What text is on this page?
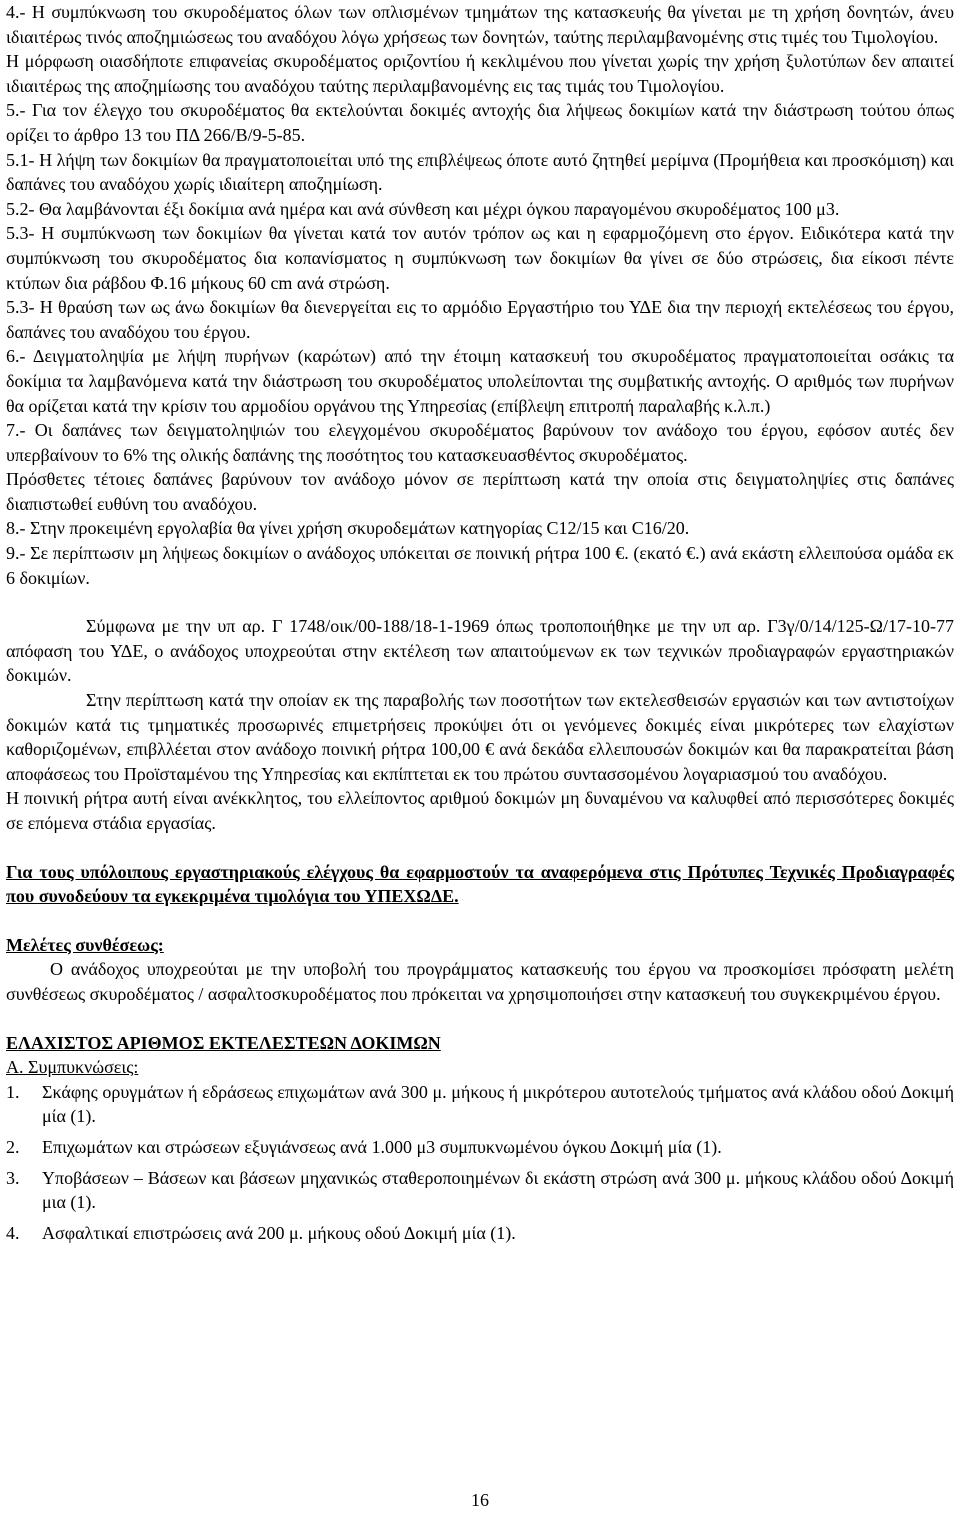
4.- Η συμπύκνωση του σκυροδέματος όλων των οπλισμένων τμημάτων της κατασκευής θα γίνεται με τη χρήση δονητών, άνευ ιδιαιτέρως τινός αποζημιώσεως του αναδόχου λόγω χρήσεως των δονητών, ταύτης περιλαμβανομένης στις τιμές του Τιμολογίου.

Η μόρφωση οιασδήποτε επιφανείας σκυροδέματος οριζοντίου ή κεκλιμένου που γίνεται χωρίς την χρήση ξυλοτύπων δεν απαιτεί ιδιαιτέρως της αποζημίωσης του αναδόχου ταύτης περιλαμβανομένης εις τας τιμάς του Τιμολογίου.

5.- Για τον έλεγχο του σκυροδέματος θα εκτελούνται δοκιμές αντοχής δια λήψεως δοκιμίων κατά την διάστρωση τούτου όπως ορίζει το άρθρο 13 του ΠΔ 266/Β/9-5-85.

5.1- Η λήψη των δοκιμίων θα πραγματοποιείται υπό της επιβλέψεως όποτε αυτό ζητηθεί μερίμνα (Προμήθεια και προσκόμιση) και δαπάνες του αναδόχου χωρίς ιδιαίτερη αποζημίωση.

5.2- Θα λαμβάνονται έξι δοκίμια ανά ημέρα και ανά σύνθεση και μέχρι όγκου παραγομένου σκυροδέματος 100 μ3.

5.3- Η συμπύκνωση των δοκιμίων θα γίνεται κατά τον αυτόν τρόπον ως και η εφαρμοζόμενη στο έργον. Ειδικότερα κατά την συμπύκνωση του σκυροδέματος δια κοπανίσματος η συμπύκνωση των δοκιμίων θα γίνει σε δύο στρώσεις, δια είκοσι πέντε κτύπων δια ράβδου Φ.16 μήκους 60 cm ανά στρώση.

5.3- Η θραύση των ως άνω δοκιμίων θα διενεργείται εις το αρμόδιο Εργαστήριο του ΥΔΕ δια την περιοχή εκτελέσεως του έργου, δαπάνες του αναδόχου του έργου.

6.- Δειγματοληψία με λήψη πυρήνων (καρώτων) από την έτοιμη κατασκευή του σκυροδέματος πραγματοποιείται οσάκις τα δοκίμια τα λαμβανόμενα κατά την διάστρωση του σκυροδέματος υπολείπονται της συμβατικής αντοχής. Ο αριθμός των πυρήνων θα ορίζεται κατά την κρίσιν του αρμοδίου οργάνου της Υπηρεσίας (επίβλεψη επιτροπή παραλαβής κ.λ.π.)

7.- Οι δαπάνες των δειγματοληψιών του ελεγχομένου σκυροδέματος βαρύνουν τον ανάδοχο του έργου, εφόσον αυτές δεν υπερβαίνουν το 6% της ολικής δαπάνης της ποσότητος του κατασκευασθέντος σκυροδέματος.

Πρόσθετες τέτοιες δαπάνες βαρύνουν τον ανάδοχο μόνον σε περίπτωση κατά την οποία στις δειγματοληψίες στις δαπάνες διαπιστωθεί ευθύνη του αναδόχου.

8.- Στην προκειμένη εργολαβία θα γίνει χρήση σκυροδεμάτων κατηγορίας C12/15 και C16/20.

9.- Σε περίπτωσιν μη λήψεως δοκιμίων ο ανάδοχος υπόκειται σε ποινική ρήτρα 100 €. (εκατό €.) ανά εκάστη ελλειπούσα ομάδα εκ 6 δοκιμίων.

Σύμφωνα με την υπ αρ. Γ 1748/οικ/00-188/18-1-1969 όπως τροποποιήθηκε με την υπ αρ. Γ3γ/0/14/125-Ω/17-10-77 απόφαση του ΥΔΕ, ο ανάδοχος υποχρεούται στην εκτέλεση των απαιτούμενων εκ των τεχνικών προδιαγραφών εργαστηριακών δοκιμών.

Στην περίπτωση κατά την οποίαν εκ της παραβολής των ποσοτήτων των εκτελεσθεισών εργασιών και των αντιστοίχων δοκιμών κατά τις τμηματικές προσωρινές επιμετρήσεις προκύψει ότι οι γενόμενες δοκιμές είναι μικρότερες των ελαχίστων καθοριζομένων, επιβλλέεται στον ανάδοχο ποινική ρήτρα 100,00 € ανά δεκάδα ελλειπουσών δοκιμών και θα παρακρατείται βάση αποφάσεως του Προϊσταμένου της Υπηρεσίας και εκπίπτεται εκ του πρώτου συντασσομένου λογαριασμού του αναδόχου.

Η ποινική ρήτρα αυτή είναι ανέκκλητος, του ελλείποντος αριθμού δοκιμών μη δυναμένου να καλυφθεί από περισσότερες δοκιμές σε επόμενα στάδια εργασίας.

Για τους υπόλοιπους εργαστηριακούς ελέγχους θα εφαρμοστούν τα αναφερόμενα στις Πρότυπες Τεχνικές Προδιαγραφές που συνοδεύουν τα εγκεκριμένα τιμολόγια του ΥΠΕΧΩΔΕ.

Μελέτες συνθέσεως:

Ο ανάδοχος υποχρεούται με την υποβολή του προγράμματος κατασκευής του έργου να προσκομίσει πρόσφατη μελέτη συνθέσεως σκυροδέματος / ασφαλτοσκυροδέματος που πρόκειται να χρησιμοποιήσει στην κατασκευή του συγκεκριμένου έργου.

ΕΛΑΧΙΣΤΟΣ ΑΡΙΘΜΟΣ ΕΚΤΕΛΕΣΤΕΩΝ ΔΟΚΙΜΩΝ

Α. Συμπυκνώσεις:

1.	Σκάφης ορυγμάτων ή εδράσεως επιχωμάτων ανά 300 μ. μήκους ή μικρότερου αυτοτελούς τμήματος ανά κλάδου οδού Δοκιμή μία (1).
2.	Επιχωμάτων και στρώσεων εξυγιάνσεως ανά 1.000 μ3 συμπυκνωμένου όγκου Δοκιμή μία (1).
3.	Υποβάσεων – Βάσεων και βάσεων μηχανικώς σταθεροποιημένων δι εκάστη στρώση ανά 300 μ. μήκους κλάδου οδού Δοκιμή μια (1).
4.	Ασφαλτικαί επιστρώσεις ανά 200 μ. μήκους οδού Δοκιμή μία (1).
16
